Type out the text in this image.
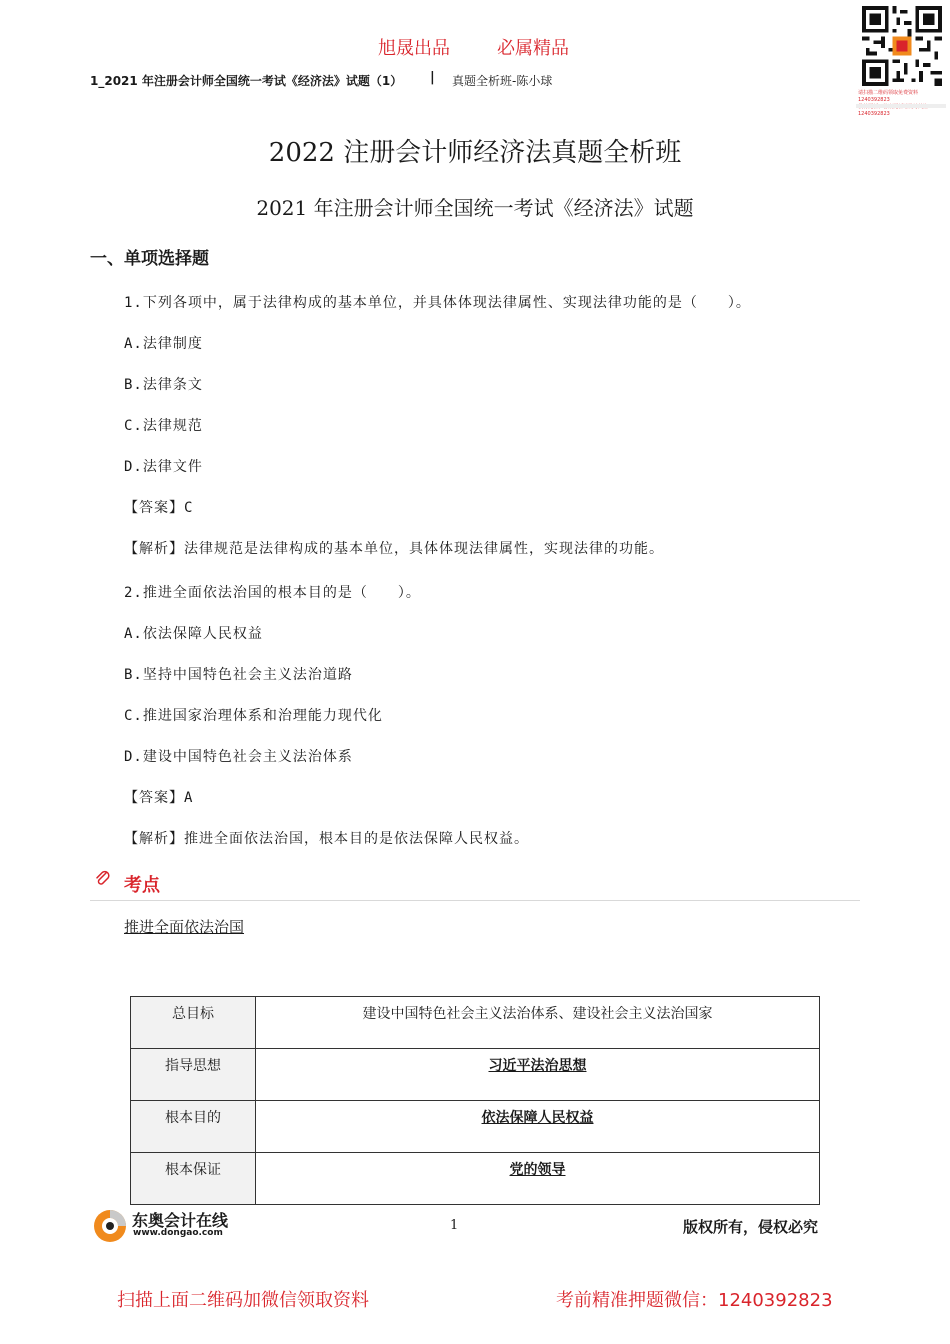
旭晟出品	必属精品
1_2021 年注册会计师全国统一考试《经济法》试题（1） | 真题全析班-陈小球
请扫描二维码领取免费资料 1240392823
1240392823
2022 注册会计师经济法真题全析班
2021 年注册会计师全国统一考试《经济法》试题
一、单项选择题
1.下列各项中，属于法律构成的基本单位，并具体体现法律属性、实现法律功能的是（　　）。
A.法律制度
B.法律条文
C.法律规范
D.法律文件
【答案】C
【解析】法律规范是法律构成的基本单位，具体体现法律属性，实现法律的功能。
2.推进全面依法治国的根本目的是（　　）。
A.依法保障人民权益
B.坚持中国特色社会主义法治道路
C.推进国家治理体系和治理能力现代化
D.建设中国特色社会主义法治体系
【答案】A
【解析】推进全面依法治国，根本目的是依法保障人民权益。
考点
推进全面依法治国
总目标	建设中国特色社会主义法治体系、建设社会主义法治国家
指导思想	习近平法治思想
根本目的	依法保障人民权益
根本保证	党的领导
东奥会计在线
www.dongao.com	1	版权所有，侵权必究
扫描上面二维码加微信领取资料	考前精准押题微信：1240392823
